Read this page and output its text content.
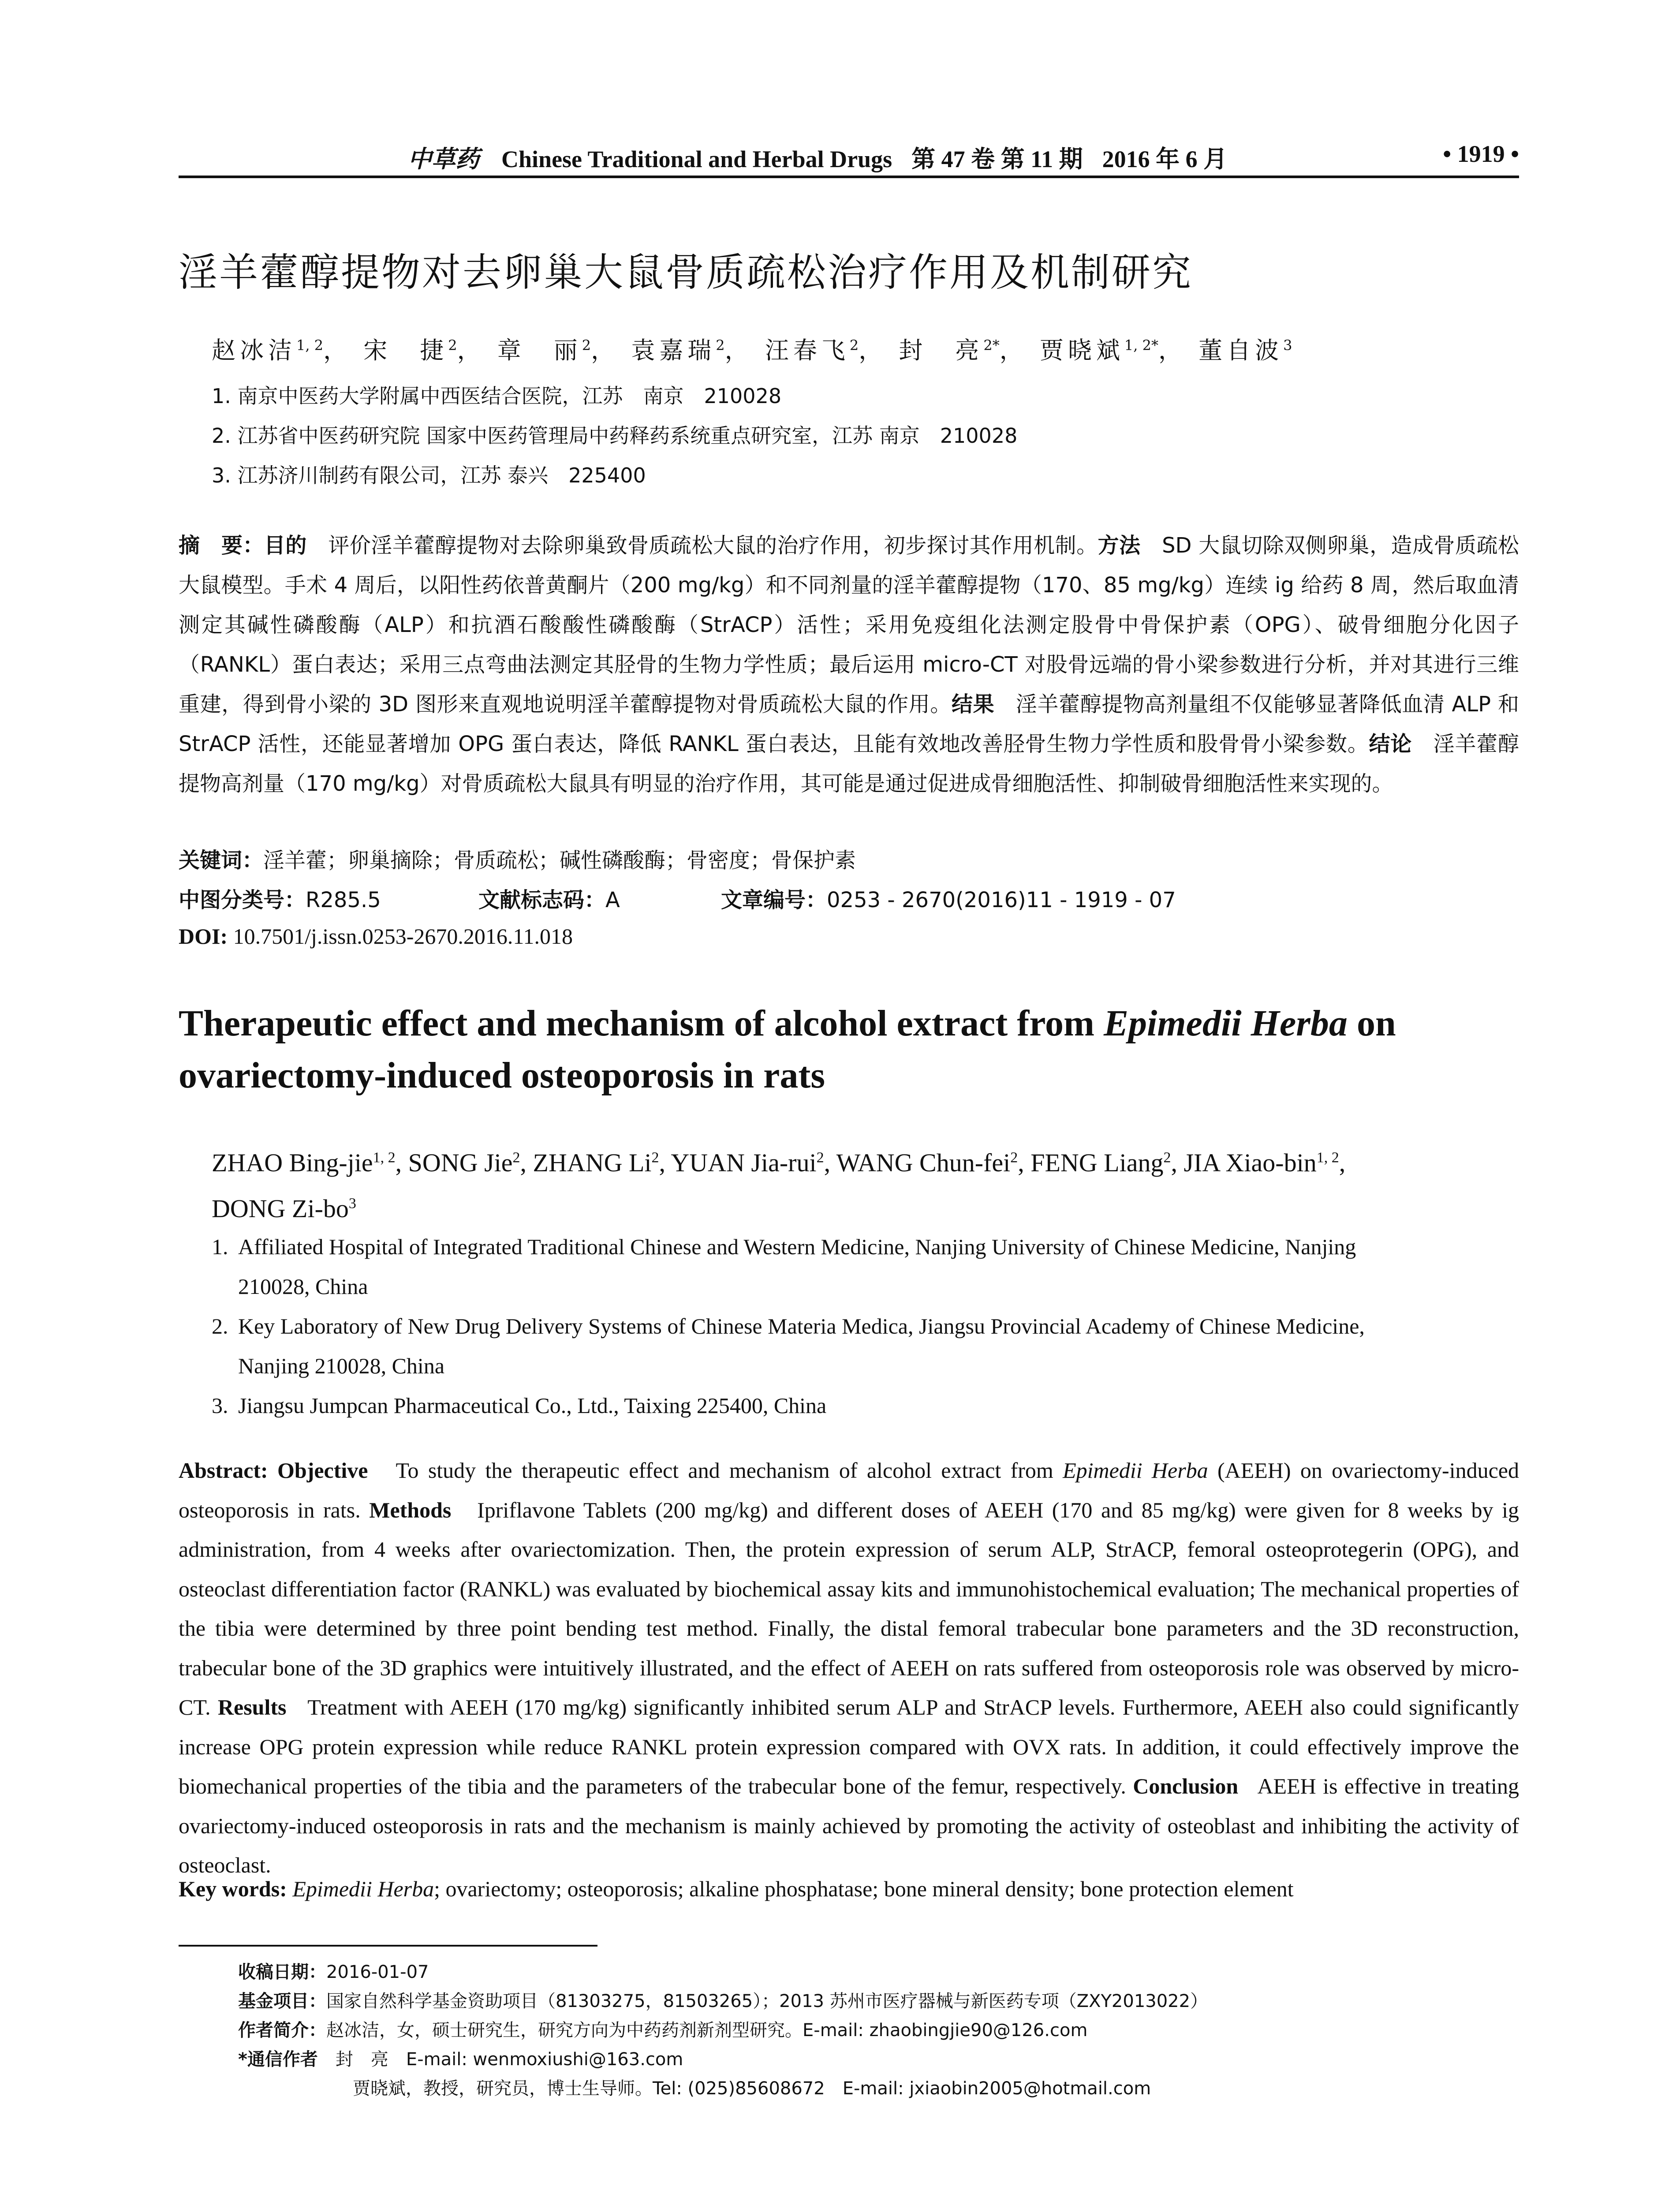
中草药 Chinese Traditional and Herbal Drugs 第 47 卷 第 11 期 2016 年 6 月	• 1919 •
淫羊藿醇提物对去卵巢大鼠骨质疏松治疗作用及机制研究
赵冰洁$^{1, 2}$， 宋　捷$^2$， 章　丽$^2$， 袁嘉瑞$^2$， 汪春飞$^2$， 封　亮$^{2*}$， 贾晓斌$^{1, 2*}$， 董自波$^3$
1. 南京中医药大学附属中西医结合医院，江苏　南京　210028
2. 江苏省中医药研究院 国家中医药管理局中药释药系统重点研究室，江苏 南京　210028
3. 江苏济川制药有限公司，江苏 泰兴　225400
摘　要：目的　 评价淫羊藿醇提物对去除卵巢致骨质疏松大鼠的治疗作用，初步探讨其作用机制。方法　 SD 大鼠切除双侧卵巢，造成骨质疏松大鼠模型。手术 4 周后，以阳性药依普黄酮片（200 mg/kg）和不同剂量的淫羊藿醇提物（170、85 mg/kg）连续 ig 给药 8 周，然后取血清测定其碱性磷酸酶（ALP）和抗酒石酸酸性磷酸酶（StrACP）活性；采用免疫组化法测定股骨中骨保护素（OPG）、破骨细胞分化因子（RANKL）蛋白表达；采用三点弯曲法测定其胫骨的生物力学性质；最后运用 micro-CT 对股骨远端的骨小梁参数进行分析，并对其进行三维重建，得到骨小梁的 3D 图形来直观地说明淫羊藿醇提物对骨质疏松大鼠的作用。结果　 淫羊藿醇提物高剂量组不仅能够显著降低血清 ALP 和 StrACP 活性，还能显著增加 OPG 蛋白表达，降低 RANKL 蛋白表达，且能有效地改善胫骨生物力学性质和股骨骨小梁参数。结论　 淫羊藿醇提物高剂量（170 mg/kg）对骨质疏松大鼠具有明显的治疗作用，其可能是通过促进成骨细胞活性、抑制破骨细胞活性来实现的。
关键词：淫羊藿；卵巢摘除；骨质疏松；碱性磷酸酶；骨密度；骨保护素
中图分类号：R285.5	文献标志码：A	文章编号：0253 - 2670(2016)11 - 1919 - 07
DOI: 10.7501/j.issn.0253-2670.2016.11.018
Therapeutic effect and mechanism of alcohol extract from Epimedii Herba on ovariectomy-induced osteoporosis in rats
ZHAO Bing-jie$^{1, 2}$, SONG Jie$^2$, ZHANG Li$^2$, YUAN Jia-rui$^2$, WANG Chun-fei$^2$, FENG Liang$^2$, JIA Xiao-bin$^{1, 2}$,
DONG $Zi-bo^3$
1. Affiliated Hospital of Integrated Traditional Chinese and Western Medicine, Nanjing University of Chinese Medicine, Nanjing
210028, China
2. Key Laboratory of New Drug Delivery Systems of Chinese Materia Medica, Jiangsu Provincial Academy of Chinese Medicine,
Nanjing 210028, China
3. Jiangsu Jumpcan Pharmaceutical Co., Ltd., Taixing 225400, China
Abstract: Objective To study the therapeutic effect and mechanism of alcohol extract from Epimedii Herba (AEEH) on ovariectomy-induced osteoporosis in rats. Methods Ipriflavone Tablets (200 mg/kg) and different doses of AEEH (170 and 85 mg/kg) were given for 8 weeks by ig administration, from 4 weeks after ovariectomization. Then, the protein expression of serum ALP, StrACP, femoral osteoprotegerin (OPG), and osteoclast differentiation factor (RANKL) was evaluated by biochemical assay kits and immunohistochemical evaluation; The mechanical properties of the tibia were determined by three point bending test method. Finally, the distal femoral trabecular bone parameters and the 3D reconstruction, trabecular bone of the 3D graphics were intuitively illustrated, and the effect of AEEH on rats suffered from osteoporosis role was observed by micro-CT. Results Treatment with AEEH (170 mg/kg) significantly inhibited serum ALP and StrACP levels. Furthermore, AEEH also could significantly increase OPG protein expression while reduce RANKL protein expression compared with OVX rats. In addition, it could effectively improve the biomechanical properties of the tibia and the parameters of the trabecular bone of the femur, respectively. Conclusion AEEH is effective in treating ovariectomy-induced osteoporosis in rats and the mechanism is mainly achieved by promoting the activity of osteoblast and inhibiting the activity of osteoclast.
Key words: Epimedii Herba; ovariectomy; osteoporosis; alkaline phosphatase; bone mineral density; bone protection element
收稿日期：2016-01-07
基金项目：国家自然科学基金资助项目（81303275，81503265）；2013 苏州市医疗器械与新医药专项（ZXY2013022）
作者简介：赵冰洁，女，硕士研究生，研究方向为中药药剂新剂型研究。E-mail: zhaobingjie90@126.com
*通信作者　 封　亮　E-mail: wenmoxiushi@163.com
贾晓斌，教授，研究员，博士生导师。Tel: (025)85608672　E-mail: jxiaobin2005@hotmail.com
